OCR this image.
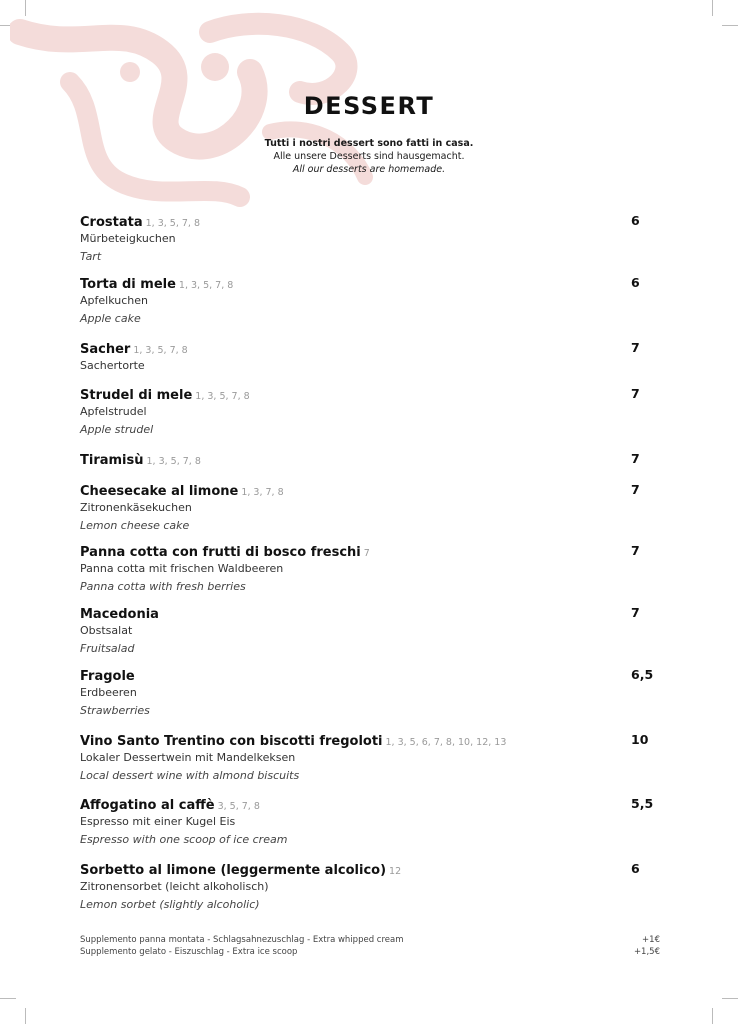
DESSERT
Tutti i nostri dessert sono fatti in casa.
Alle unsere Desserts sind hausgemacht.
All our desserts are homemade.
Crostata 1, 3, 5, 7, 8	6
Mürbeteigkuchen
Tart
Torta di mele 1, 3, 5, 7, 8	6
Apfelkuchen
Apple cake
Sacher 1, 3, 5, 7, 8	7
Sachertorte
Strudel di mele 1, 3, 5, 7, 8	7
Apfelstrudel
Apple strudel
Tiramisù 1, 3, 5, 7, 8	7
Cheesecake al limone 1, 3, 7, 8	7
Zitronenkäsekuchen
Lemon cheese cake
Panna cotta con frutti di bosco freschi 7	7
Panna cotta mit frischen Waldbeeren
Panna cotta with fresh berries
Macedonia	7
Obstsalat
Fruitsalad
Fragole	6,5
Erdbeeren
Strawberries
Vino Santo Trentino con biscotti fregoloti 1, 3, 5, 6, 7, 8, 10, 12, 13	10
Lokaler Dessertwein mit Mandelkeksen
Local dessert wine with almond biscuits
Affogatino al caffè 3, 5, 7, 8	5,5
Espresso mit einer Kugel Eis
Espresso with one scoop of ice cream
Sorbetto al limone (leggermente alcolico) 12	6
Zitronensorbet (leicht alkoholisch)
Lemon sorbet (slightly alcoholic)
Supplemento panna montata - Schlagsahnezuschlag - Extra whipped cream	+1€
Supplemento gelato - Eiszuschlag - Extra ice scoop	+1,5€
